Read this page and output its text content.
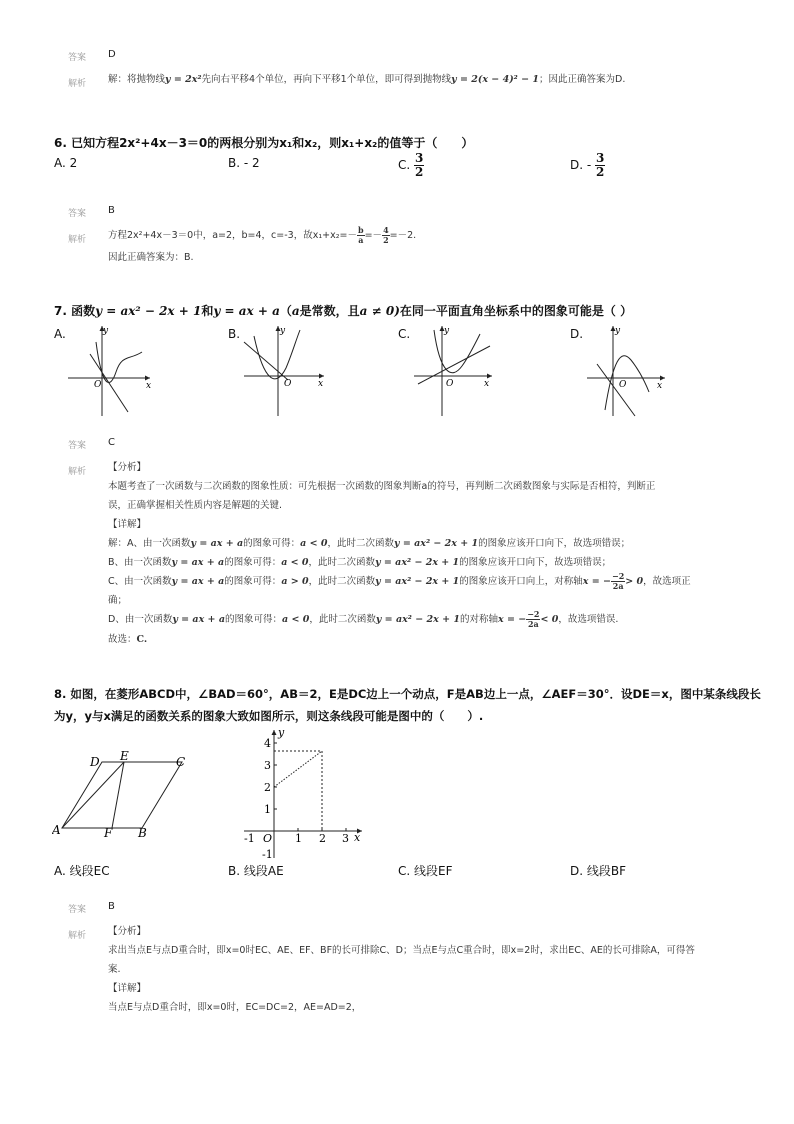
答案 D
解析 解：将抛物线y = 2x²先向右平移4个单位，再向下平移1个单位，即可得到抛物线y = 2(x − 4)² − 1；因此正确答案为D.
6. 已知方程2x²+4x－3＝0的两根分别为x₁和x₂，则x₁+x₂的值等于（　　）
A. 2	B. - 2	C. $\frac{3}{2}$	D. - $\frac{3}{2}$
答案 B
解析 方程2x²+4x－3＝0中，a=2，b=4，c=-3，故$x_1+x_2=- \frac{b}{a}=- \frac{4}{2}=-2$.
因此正确答案为：B.
7. 函数y = ax² − 2x + 1和y = ax + a（a是常数，且a ≠ 0)在同一平面直角坐标系中的图象可能是（ ）
A.	B.	C.	D.
y
x
O
y
x
O
y
x
O
y
x
O
答案 C
解析 【分析】
本题考查了一次函数与二次函数的图象性质：可先根据一次函数的图象判断a的符号，再判断二次函数图象与实际是否相符，判断正
误，正确掌握相关性质内容是解题的关键.
【详解】
解：A、由一次函数y = ax + a的图象可得：a < 0，此时二次函数y = ax² − 2x + 1的图象应该开口向下，故选项错误；
B、由一次函数y = ax + a的图象可得：a < 0，此时二次函数y = ax² − 2x + 1的图象应该开口向下，故选项错误；
C、由一次函数y = ax + a的图象可得：a > 0，此时二次函数y = ax² − 2x + 1的图象应该开口向上，对称轴x = − $\frac{-2}{2a}> 0$，故选项正
确；
D、由一次函数y = ax + a的图象可得：a < 0，此时二次函数y = ax² − 2x + 1的对称轴x = − $\frac{-2}{2a}< 0$，故选项错误.
故选：C.
8. 如图，在菱形ABCD中，∠BAD＝60°，AB＝2，E是DC边上一个动点，F是AB边上一点，∠AEF＝30°．设DE＝x，图中某条线段长
为y，y与x满足的函数关系的图象大致如图所示，则这条线段可能是图中的（　　）.
A	B
C
D E
F
y
x
O
4
3
2
1
-1
-1	1 2 3
A. 线段EC	B. 线段AE	C. 线段EF	D. 线段BF
答案 B
解析 【分析】
求出当点E与点D重合时，即x=0时EC、AE、EF、BF的长可排除C、D；当点E与点C重合时，即x=2时，求出EC、AE的长可排除A，可得答
案.
【详解】
当点E与点D重合时，即x=0时，EC=DC=2，AE=AD=2，
